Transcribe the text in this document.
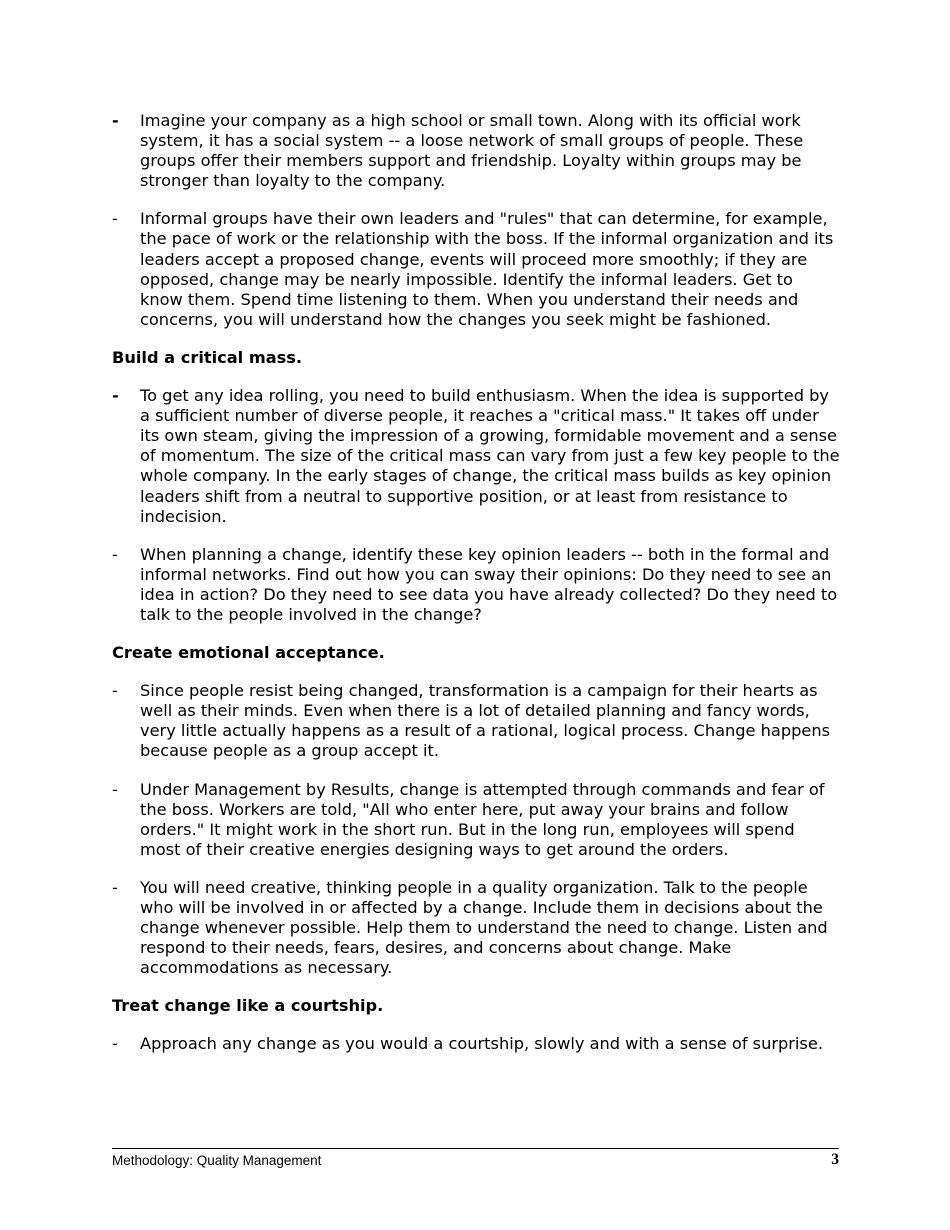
- Imagine your company as a high school or small town. Along with its official work system, it has a social system -- a loose network of small groups of people. These groups offer their members support and friendship. Loyalty within groups may be stronger than loyalty to the company.
- Informal groups have their own leaders and "rules" that can determine, for example, the pace of work or the relationship with the boss. If the informal organization and its leaders accept a proposed change, events will proceed more smoothly; if they are opposed, change may be nearly impossible. Identify the informal leaders. Get to know them. Spend time listening to them. When you understand their needs and concerns, you will understand how the changes you seek might be fashioned.
Build a critical mass.
- To get any idea rolling, you need to build enthusiasm. When the idea is supported by a sufficient number of diverse people, it reaches a "critical mass." It takes off under its own steam, giving the impression of a growing, formidable movement and a sense of momentum. The size of the critical mass can vary from just a few key people to the whole company. In the early stages of change, the critical mass builds as key opinion leaders shift from a neutral to supportive position, or at least from resistance to indecision.
- When planning a change, identify these key opinion leaders -- both in the formal and informal networks. Find out how you can sway their opinions: Do they need to see an idea in action? Do they need to see data you have already collected? Do they need to talk to the people involved in the change?
Create emotional acceptance.
- Since people resist being changed, transformation is a campaign for their hearts as well as their minds. Even when there is a lot of detailed planning and fancy words, very little actually happens as a result of a rational, logical process. Change happens because people as a group accept it.
- Under Management by Results, change is attempted through commands and fear of the boss. Workers are told, "All who enter here, put away your brains and follow orders." It might work in the short run. But in the long run, employees will spend most of their creative energies designing ways to get around the orders.
- You will need creative, thinking people in a quality organization. Talk to the people who will be involved in or affected by a change. Include them in decisions about the change whenever possible. Help them to understand the need to change. Listen and respond to their needs, fears, desires, and concerns about change. Make accommodations as necessary.
Treat change like a courtship.
- Approach any change as you would a courtship, slowly and with a sense of surprise.
Methodology: Quality Management	3
